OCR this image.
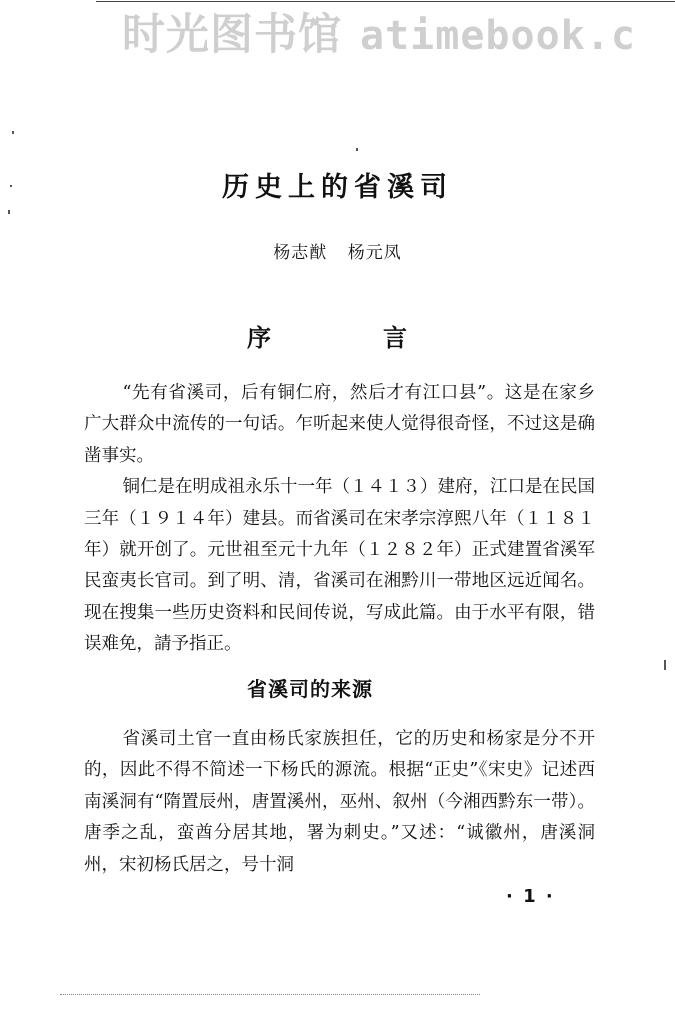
时光图书馆 atimebook.c
历史上的省溪司

杨志猷 杨元凤

序	言

“先有省溪司，后有铜仁府，然后才有江口县”。这是在家乡广大群众中流传的一句话。乍听起来使人觉得很奇怪，不过这是确凿事实。

铜仁是在明成祖永乐十一年（１４１３）建府，江口是在民国三年（１９１４年）建县。而省溪司在宋孝宗淳熙八年（１１８１年）就开创了。元世祖至元十九年（１２８２年）正式建置省溪军民蛮夷长官司。到了明、清，省溪司在湘黔川一带地区远近闻名。现在搜集一些历史资料和民间传说，写成此篇。由于水平有限，错误难免，請予指正。

省溪司的来源

省溪司土官一直由杨氏家族担任，它的历史和杨家是分不开的，因此不得不简述一下杨氏的源流。根据“正史”《宋史》记述西南溪洞有“隋置辰州，唐置溪州，巫州、叙州（今湘西黔东一带）。唐季之乱，蛮酋分居其地，署为刺史。”又述：“诚徽州，唐溪洞州，宋初杨氏居之，号十洞

· 1 ·
